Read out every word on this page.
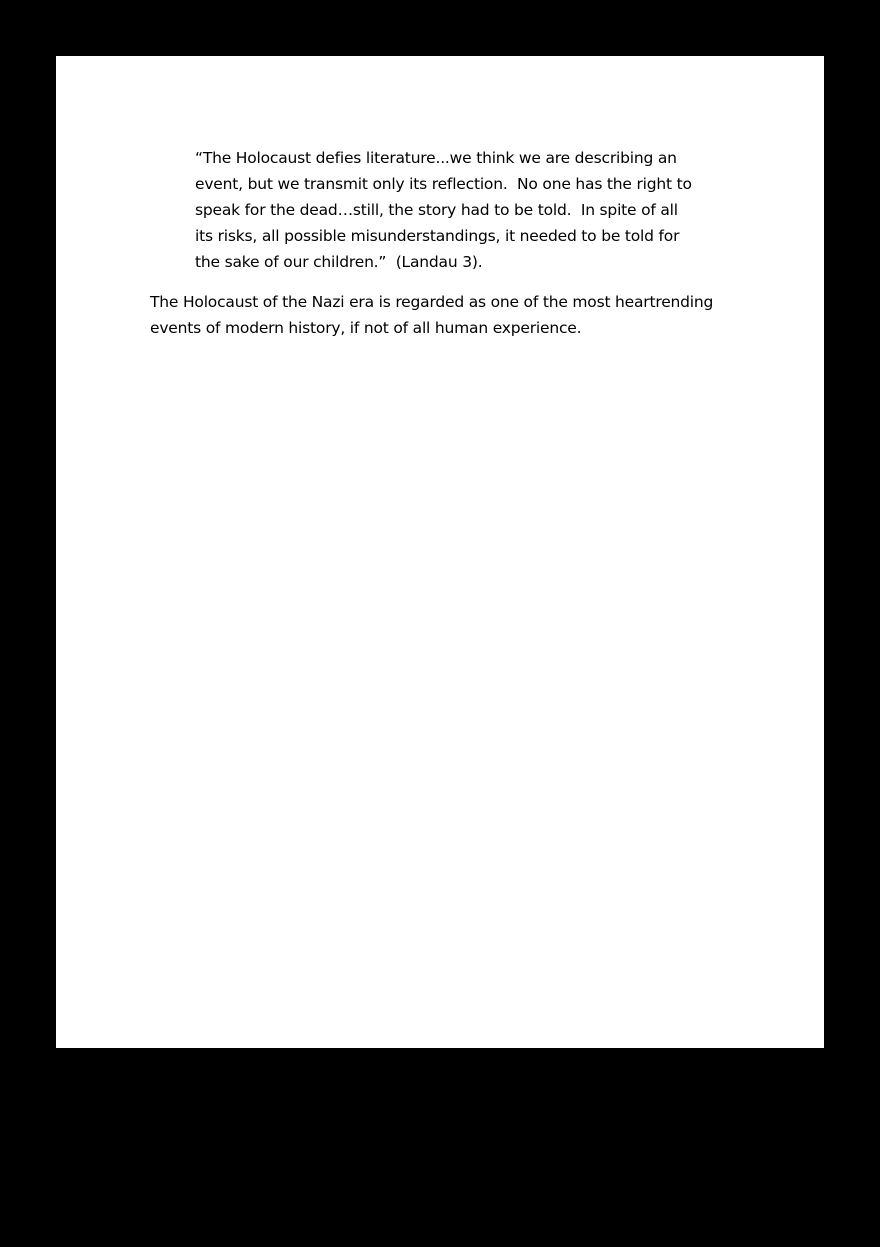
“The Holocaust defies literature...we think we are describing an
event, but we transmit only its reflection.  No one has the right to
speak for the dead…still, the story had to be told.  In spite of all
its risks, all possible misunderstandings, it needed to be told for
the sake of our children.”  (Landau 3).
The Holocaust of the Nazi era is regarded as one of the most heartrending
events of modern history, if not of all human experience.
